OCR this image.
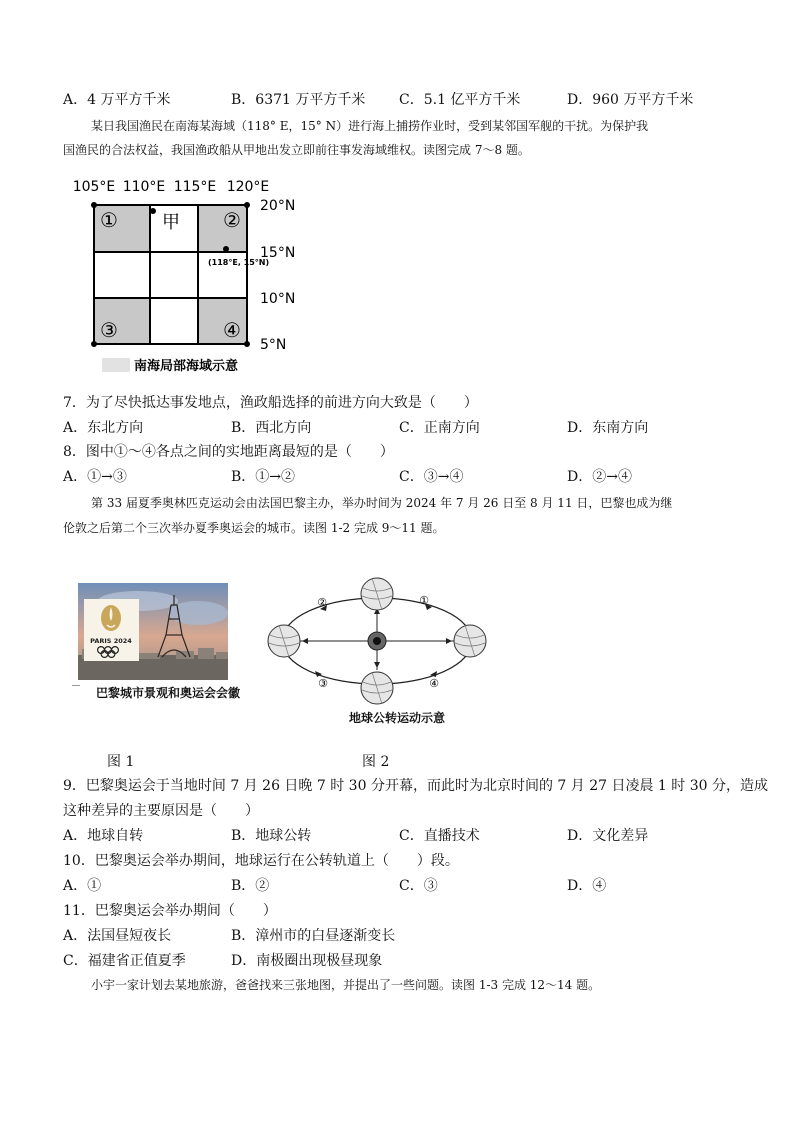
A．4 万平方千米	B．6371 万平方千米 C．5.1 亿平方千米	D．960 万平方千米
某日我国渔民在南海某海域（118° E，15° N）进行海上捕捞作业时，受到某邻国军舰的干扰。为保护我
国渔民的合法权益，我国渔政船从甲地出发立即前往事发海域维权。读图完成 7～8 题。
105°E 110°E 115°E 120°E
20°N
15°N
10°N
5°N
①	②
③	④
甲
(118°E, 15°N)
南海局部海域示意
7．为了尽快抵达事发地点，渔政船选择的前进方向大致是（　　）
A．东北方向	B．西北方向	C．正南方向	D．东南方向
8．图中①～④各点之间的实地距离最短的是（　　）
A．①→③	B．①→②	C．③→④	D．②→④
第 33 届夏季奥林匹克运动会由法国巴黎主办，举办时间为 2024 年 7 月 26 日至 8 月 11 日，巴黎也成为继
伦敦之后第二个三次举办夏季奥运会的城市。读图 1-2 完成 9～11 题。
PARIS 2024
巴黎城市景观和奥运会会徽
①
②
③	④
地球公转运动示意
图 1	图 2
9．巴黎奥运会于当地时间 7 月 26 日晚 7 时 30 分开幕，而此时为北京时间的 7 月 27 日凌晨 1 时 30 分，造成
这种差异的主要原因是（　　）
A．地球自转	B．地球公转	C．直播技术	D．文化差异
10．巴黎奥运会举办期间，地球运行在公转轨道上（　　）段。
A．①	B．②	C．③	D．④
11．巴黎奥运会举办期间（　　）
A．法国昼短夜长	B．漳州市的白昼逐渐变长
C．福建省正值夏季	D．南极圈出现极昼现象
小宇一家计划去某地旅游，爸爸找来三张地图，并提出了一些问题。读图 1-3 完成 12～14 题。
